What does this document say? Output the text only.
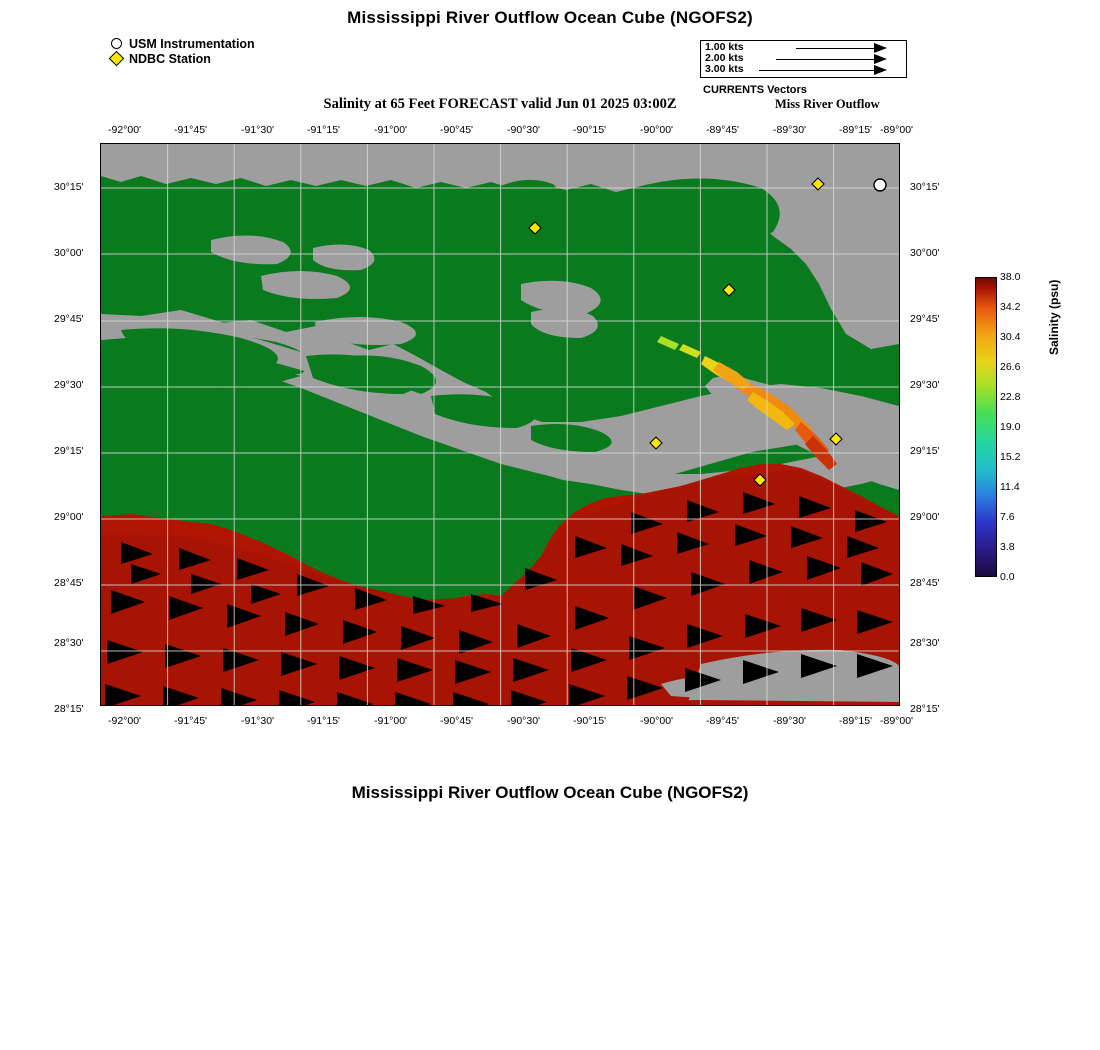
Mississippi River Outflow Ocean Cube (NGOFS2)
USM Instrumentation
NDBC Station
1.00 kts
2.00 kts
3.00 kts
CURRENTS Vectors
Salinity at 65 Feet FORECAST valid Jun 01 2025 03:00Z	Miss River Outflow
-92°00'	-91°45'	-91°30'	-91°15'	-91°00'	-90°45'	-90°30'	-90°15'	-90°00'	-89°45'	-89°30'	-89°15' -89°00'
-92°00'	-91°45'	-91°30'	-91°15'	-91°00'	-90°45'	-90°30'	-90°15'	-90°00'	-89°45'	-89°30'	-89°15' -89°00'
30°15'
30°00'
29°45'
29°30'
29°15'
29°00'
28°45'
28°30'
28°15'
30°15'
30°00'
29°45'
29°30'
29°15'
29°00'
28°45'
28°30'
28°15'
38.0
34.2
30.4
26.6
22.8
19.0
15.2
11.4
7.6
3.8
0.0
Salinity (psu)
Mississippi River Outflow Ocean Cube (NGOFS2)
